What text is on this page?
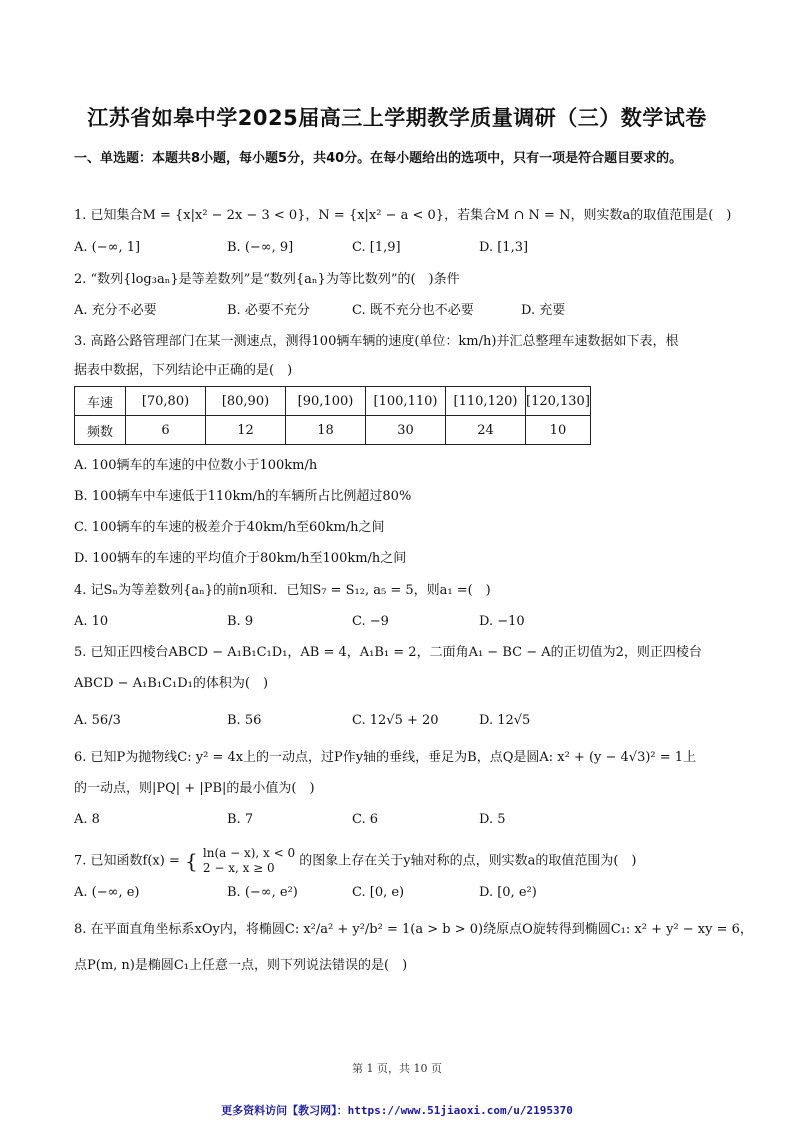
江苏省如皋中学2025届高三上学期教学质量调研（三）数学试卷
一、单选题：本题共8小题，每小题5分，共40分。在每小题给出的选项中，只有一项是符合题目要求的。
1. 已知集合M = {x|x² − 2x − 3 < 0}，N = {x|x² − a < 0}，若集合M ∩ N = N，则实数a的取值范围是(　)
A. (−∞, 1]	B. (−∞, 9]	C. [1,9]	D. [1,3]
2. “数列{log₃aₙ}是等差数列”是“数列{aₙ}为等比数列”的(　)条件
A. 充分不必要	B. 必要不充分	C. 既不充分也不必要	D. 充要
3. 高路公路管理部门在某一测速点，测得100辆车辆的速度(单位：km/h)并汇总整理车速数据如下表，根
据表中数据，下列结论中正确的是(　)
车速	[70,80)	[80,90)	[90,100)	[100,110)	[110,120)	[120,130]
频数	6	12	18	30	24	10
A. 100辆车的车速的中位数小于100km/h
B. 100辆车中车速低于110km/h的车辆所占比例超过80%
C. 100辆车的车速的极差介于40km/h至60km/h之间
D. 100辆车的车速的平均值介于80km/h至100km/h之间
4. 记Sₙ为等差数列{aₙ}的前n项和．已知S₇ = S₁₂, a₅ = 5，则a₁ =(　)
A. 10	B. 9	C. −9	D. −10
5. 已知正四棱台ABCD − A₁B₁C₁D₁，AB = 4，A₁B₁ = 2，二面角A₁ − BC − A的正切值为2，则正四棱台
ABCD − A₁B₁C₁D₁的体积为(　)
A. 56/3	B. 56	C. 12√5 + 20	D. 12√5
6. 已知P为抛物线C: y² = 4x上的一动点，过P作y轴的垂线，垂足为B，点Q是圆A: x² + (y − 4√3)² = 1上
的一动点，则|PQ| + |PB|的最小值为(　)
A. 8	B. 7	C. 6	D. 5
7. 已知函数f(x) = { ln(a − x), x < 0
2 − x, x ≥ 0	的图象上存在关于y轴对称的点，则实数a的取值范围为(　)
A. (−∞, e)	B. (−∞, e²)	C. [0, e)	D. [0, e²)
8. 在平面直角坐标系xOy内，将椭圆C: x²/a² + y²/b² = 1(a > b > 0)绕原点O旋转得到椭圆C₁: x² + y² − xy = 6，
点P(m, n)是椭圆C₁上任意一点，则下列说法错误的是(　)
第 1 页，共 10 页
更多资料访问【教习网】：https://www.51jiaoxi.com/u/2195370
